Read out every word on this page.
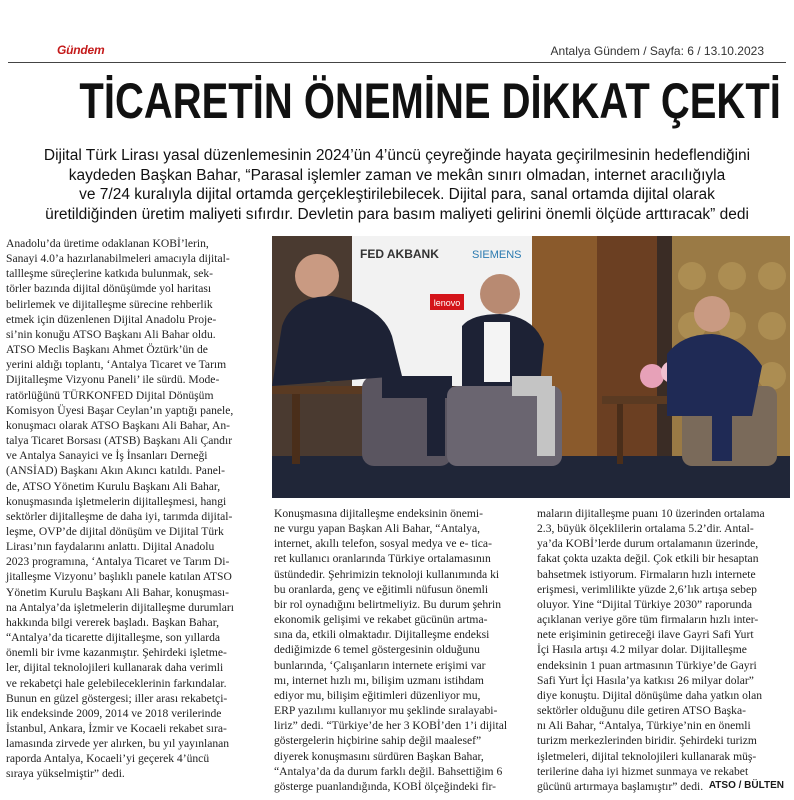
Gündem	Antalya Gündem / Sayfa: 6 / 13.10.2023
TİCARETİN ÖNEMİNE DİKKAT ÇEKTİ
Dijital Türk Lirası yasal düzenlemesinin 2024’ün 4’üncü çeyreğinde hayata geçirilmesinin hedeflendiğini
kaydeden Başkan Bahar, “Parasal işlemler zaman ve mekân sınırı olmadan, internet aracılığıyla
ve 7/24 kuralıyla dijital ortamda gerçekleştirilebilecek. Dijital para, sanal ortamda dijital olarak
üretildiğinden üretim maliyeti sıfırdır. Devletin para basım maliyeti gelirini önemli ölçüde arttıracak” dedi
Anadolu’da üretime odaklanan KOBİ’lerin,
Sanayi 4.0’a hazırlanabilmeleri amacıyla dijital-
tallleşme süreçlerine katkıda bulunmak, sek-
törler bazında dijital dönüşümde yol haritası
belirlemek ve dijitalleşme sürecine rehberlik
etmek için düzenlenen Dijital Anadolu Proje-
si’nin konuğu ATSO Başkanı Ali Bahar oldu.
ATSO Meclis Başkanı Ahmet Öztürk’ün de
yerini aldığı toplantı, ‘Antalya Ticaret ve Tarım
Dijitalleşme Vizyonu Paneli’ ile sürdü. Mode-
ratörlüğünü TÜRKONFED Dijital Dönüşüm
Komisyon Üyesi Başar Ceylan’ın yaptığı panele,
konuşmacı olarak ATSO Başkanı Ali Bahar, An-
talya Ticaret Borsası (ATSB) Başkanı Ali Çandır
ve Antalya Sanayici ve İş İnsanları Derneği
(ANSİAD) Başkanı Akın Akıncı katıldı. Panel-
de, ATSO Yönetim Kurulu Başkanı Ali Bahar,
konuşmasında işletmelerin dijitalleşmesi, hangi
sektörler dijitalleşme de daha iyi, tarımda dijital-
leşme, OVP’de dijital dönüşüm ve Dijital Türk
Lirası’nın faydalarını anlattı. Dijital Anadolu
2023 programına, ‘Antalya Ticaret ve Tarım Di-
jitalleşme Vizyonu’ başlıklı panele katılan ATSO
Yönetim Kurulu Başkanı Ali Bahar, konuşması-
na Antalya’da işletmelerin dijitalleşme durumları
hakkında bilgi vererek başladı. Başkan Bahar,
“Antalya’da ticarette dijitalleşme, son yıllarda
önemli bir ivme kazanmıştır. Şehirdeki işletme-
ler, dijital teknolojileri kullanarak daha verimli
ve rekabetçi hale gelebileceklerinin farkındalar.
Bunun en güzel göstergesi; iller arası rekabetçi-
lik endeksinde 2009, 2014 ve 2018 verilerinde
İstanbul, Ankara, İzmir ve Kocaeli rekabet sıra-
lamasında zirvede yer alırken, bu yıl yayınlanan
raporda Antalya, Kocaeli’yi geçerek 4’üncü
sıraya yükselmiştir” dedi.
Konuşmasına dijitalleşme endeksinin önemi-
ne vurgu yapan Başkan Ali Bahar, “Antalya,
internet, akıllı telefon, sosyal medya ve e- tica-
ret kullanıcı oranlarında Türkiye ortalamasının
üstündedir. Şehrimizin teknoloji kullanımında ki
bu oranlarda, genç ve eğitimli nüfusun önemli
bir rol oynadığını belirtmeliyiz. Bu durum şehrin
ekonomik gelişimi ve rekabet gücünün artma-
sına da, etkili olmaktadır. Dijitalleşme endeksi
dediğimizde 6 temel göstergesinin olduğunu
bunlarında, ‘Çalışanların internete erişimi var
mı, internet hızlı mı, bilişim uzmanı istihdam
ediyor mu, bilişim eğitimleri düzenliyor mu,
ERP yazılımı kullanıyor mu şeklinde sıralayabi-
liriz” dedi. “Türkiye’de her 3 KOBİ’den 1’i dijital
göstergelerin hiçbirine sahip değil maalesef”
diyerek konuşmasını sürdüren Başkan Bahar,
“Antalya’da da durum farklı değil. Bahsettiğim 6
gösterge puanlandığında, KOBİ ölçeğindeki fir-
maların dijitalleşme puanı 10 üzerinden ortalama
2.3, büyük ölçeklilerin ortalama 5.2’dir. Antal-
ya’da KOBİ’lerde durum ortalamanın üzerinde,
fakat çokta uzakta değil. Çok etkili bir hesaptan
bahsetmek istiyorum. Firmaların hızlı internete
erişmesi, verimlilikte yüzde 2,6’lık artışa sebep
oluyor. Yine “Dijital Türkiye 2030” raporunda
açıklanan veriye göre tüm firmaların hızlı inter-
nete erişiminin getireceği ilave Gayri Safi Yurt
İçi Hasıla artışı 4.2 milyar dolar. Dijitalleşme
endeksinin 1 puan artmasının Türkiye’de Gayri
Safi Yurt İçi Hasıla’ya katkısı 26 milyar dolar”
diye konuştu. Dijital dönüşüme daha yatkın olan
sektörler olduğunu dile getiren ATSO Başka-
nı Ali Bahar, “Antalya, Türkiye’nin en önemli
turizm merkezlerinden biridir. Şehirdeki turizm
işletmeleri, dijital teknolojileri kullanarak müş-
terilerine daha iyi hizmet sunmaya ve rekabet
gücünü artırmaya başlamıştır” dedi.
FED AKBANK	SIEMENS
lenovo
ATSO / BÜLTEN
